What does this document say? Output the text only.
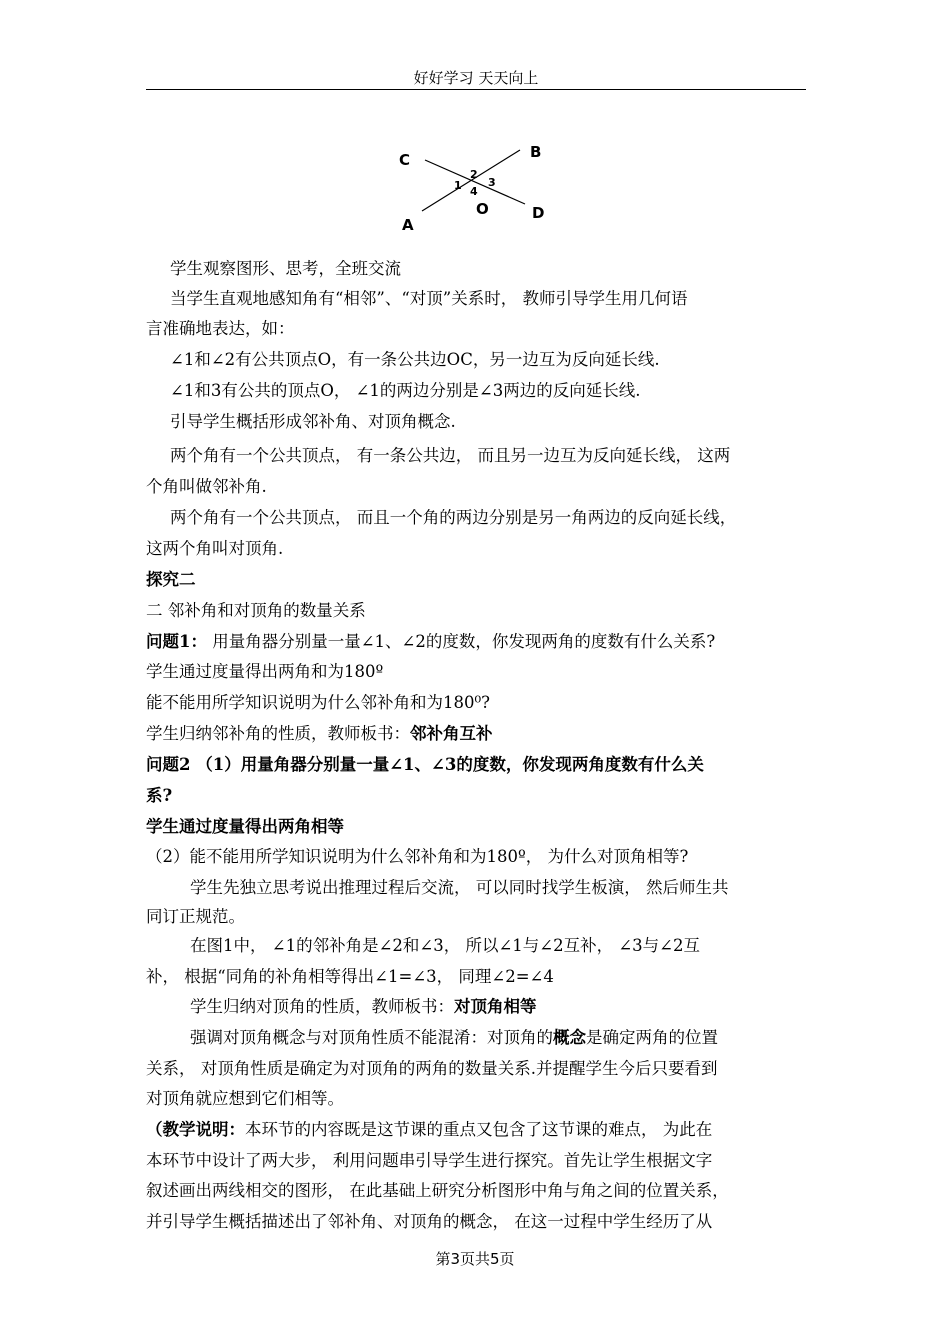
好好学习 天天向上
C	B
A
D
O
1
2
3
4
学生观察图形、思考，全班交流
当学生直观地感知角有“相邻”、“对顶”关系时， 教师引导学生用几何语
言准确地表达，如：
∠1和∠2有公共顶点O，有一条公共边OC，另一边互为反向延长线.
∠1和3有公共的顶点O， ∠1的两边分别是∠3两边的反向延长线.
引导学生概括形成邻补角、对顶角概念.
两个角有一个公共顶点， 有一条公共边， 而且另一边互为反向延长线， 这两
个角叫做邻补角.
两个角有一个公共顶点， 而且一个角的两边分别是另一角两边的反向延长线，
这两个角叫对顶角.
探究二
二 邻补角和对顶角的数量关系
问题1： 用量角器分别量一量∠1、∠2的度数，你发现两角的度数有什么关系?
学生通过度量得出两角和为180º
能不能用所学知识说明为什么邻补角和为180⁰?
学生归纳邻补角的性质，教师板书：邻补角互补
问题2 （1）用量角器分别量一量∠1、∠3的度数，你发现两角度数有什么关
系?
学生通过度量得出两角相等
（2）能不能用所学知识说明为什么邻补角和为180º， 为什么对顶角相等?
学生先独立思考说出推理过程后交流， 可以同时找学生板演， 然后师生共
同订正规范。
在图1中， ∠1的邻补角是∠2和∠3， 所以∠1与∠2互补， ∠3与∠2互
补， 根据“同角的补角相等得出∠1=∠3， 同理∠2=∠4
学生归纳对顶角的性质，教师板书：对顶角相等
强调对顶角概念与对顶角性质不能混淆：对顶角的概念是确定两角的位置
关系， 对顶角性质是确定为对顶角的两角的数量关系.并提醒学生今后只要看到
对顶角就应想到它们相等。
（教学说明：本环节的内容既是这节课的重点又包含了这节课的难点， 为此在
本环节中设计了两大步， 利用问题串引导学生进行探究。首先让学生根据文字
叙述画出两线相交的图形， 在此基础上研究分析图形中角与角之间的位置关系，
并引导学生概括描述出了邻补角、对顶角的概念， 在这一过程中学生经历了从
第3页共5页
